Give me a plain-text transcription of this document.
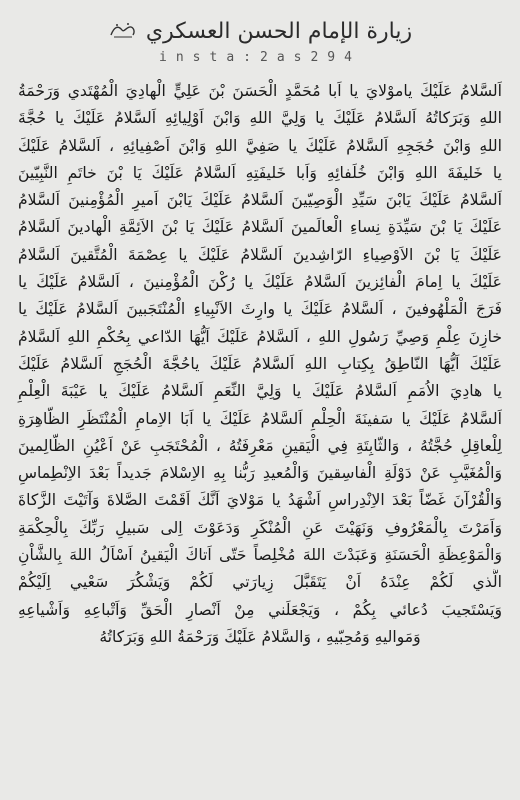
زيارة الإمام الحسن العسكري
insta:2as294
اَلسَّلامُ عَلَيْكَ ياموْلايَ يا اَبا مُحَمَّدٍ الْحَسَنَ بْنَ عَلِيٍّ الْهادِيَ الْمُهْتَدي وَرَحْمَةُ
اللهِ وَبَرَكاتُهُ اَلسَّلامُ عَلَيْكَ يا وَلِيَّ اللهِ وَابْنَ اَوْلِيائِهِ اَلسَّلامُ عَلَيْكَ يا حُجَّةَ
اللهِ وَابْنَ حُجَجِهِ اَلسَّلامُ عَلَيْكَ يا صَفِيَّ اللهِ وَابْنَ اَصْفِيائِهِ ، اَلسَّلامُ عَلَيْكَ
يا خَليفَةَ اللهِ وَابْنَ خُلَفائِهِ وَاَبا خَليفَتِهِ اَلسَّلامُ عَلَيْكَ يَا بْنَ خاتَمِ النَّبِيّينَ
اَلسَّلامُ عَلَيْكَ يَابْنَ سَيِّدِ الْوَصِيّينَ اَلسَّلامُ عَلَيْكَ يَابْنَ اَميرِ الْمُؤْمِنينَ اَلسَّلامُ
عَلَيْكَ يَا بْنَ سَيِّدَةِ نِساءِ الْعالَمينَ اَلسَّلامُ عَلَيْكَ يَا بْنَ الاَئِمَّةِ الْهادينَ اَلسَّلامُ
عَلَيْكَ يَا بْنَ الاَوْصِياءِ الرّاشِدينَ اَلسَّلامُ عَلَيْكَ يا عِصْمَةَ الْمُتَّقينَ اَلسَّلامُ
عَلَيْكَ يا اِمامَ الْفائِزينَ اَلسَّلامُ عَلَيْكَ يا رُكْنَ الْمُؤْمِنينَ ، اَلسَّلامُ عَلَيْكَ يا
فَرَجَ الْمَلْهُوفينَ ، اَلسَّلامُ عَلَيْكَ يا وارِثَ الاَنْبِياءِ الْمُنْتَجَبينَ اَلسَّلامُ عَلَيْكَ يا
خازِنَ عِلْمِ وَصِيِّ رَسُولِ اللهِ ، اَلسَّلامُ عَلَيْكَ اَيُّهَا الدّاعي بِحُكْمِ اللهِ اَلسَّلامُ
عَلَيْكَ اَيُّهَا النّاطِقُ بِكِتابِ اللهِ اَلسَّلامُ عَلَيْكَ ياحُجَّةَ الْحُجَجِ اَلسَّلامُ عَلَيْكَ
يا هادِيَ الاُمَمِ اَلسَّلامُ عَلَيْكَ يا وَلِيَّ النِّعَمِ اَلسَّلامُ عَلَيْكَ يا عَيْبَةَ الْعِلْمِ
اَلسَّلامُ عَلَيْكَ يا سَفينَةَ الْحِلْمِ اَلسَّلامُ عَلَيْكَ يا اَبَا الاِمامِ الْمُنْتَظَرِ الظّاهِرَةِ
لِلْعاقِلِ حُجَّتُهُ ، وَالثّابِتَةِ فِي الْيَقينِ مَعْرِفَتُهُ ، الْمُحْتَجَبِ عَنْ اَعْيُنِ الظّالِمينَ
وَالْمُغَيَّبِ عَنْ دَوْلَةِ الْفاسِقينَ وَالْمُعيدِ رَبُّنا بِهِ الاِسْلامَ جَديداً بَعْدَ الاِنْطِماسِ
وَالْقُرْآنَ غَضّاً بَعْدَ الاِنْدِراسِ اَشْهَدُ يا مَوْلايَ اَنَّكَ اَقَمْتَ الصَّلاةَ وَآتَيْتَ الزَّكاةَ
وَاَمَرْتَ بِالْمَعْرُوفِ وَنَهَيْتَ عَنِ الْمُنْكَرِ وَدَعَوْتَ اِلى سَبيلِ رَبِّكَ بِالْحِكْمَةِ
وَالْمَوْعِظَةِ الْحَسَنَةِ وَعَبَدْتَ اللهَ مُخْلِصاً حَتّى اَتاكَ الْيَقينُ اَسْاَلُ اللهَ بِالشَّاْنِ
الَّذي لَكُمْ عِنْدَهُ اَنْ يَتَقَبَّلَ زِيارَتي لَكُمْ وَيَشْكُرَ سَعْيي اِلَيْكُمْ
وَيَسْتَجيبَ دُعائي بِكُمْ ، وَيَجْعَلَني مِنْ اَنْصارِ الْحَقِّ وَاَتْباعِهِ وَاَشْياعِهِ
وَمَواليهِ وَمُحِبّيهِ ، وَالسَّلامُ عَلَيْكَ وَرَحْمَةُ اللهِ وَبَرَكاتُهُ
